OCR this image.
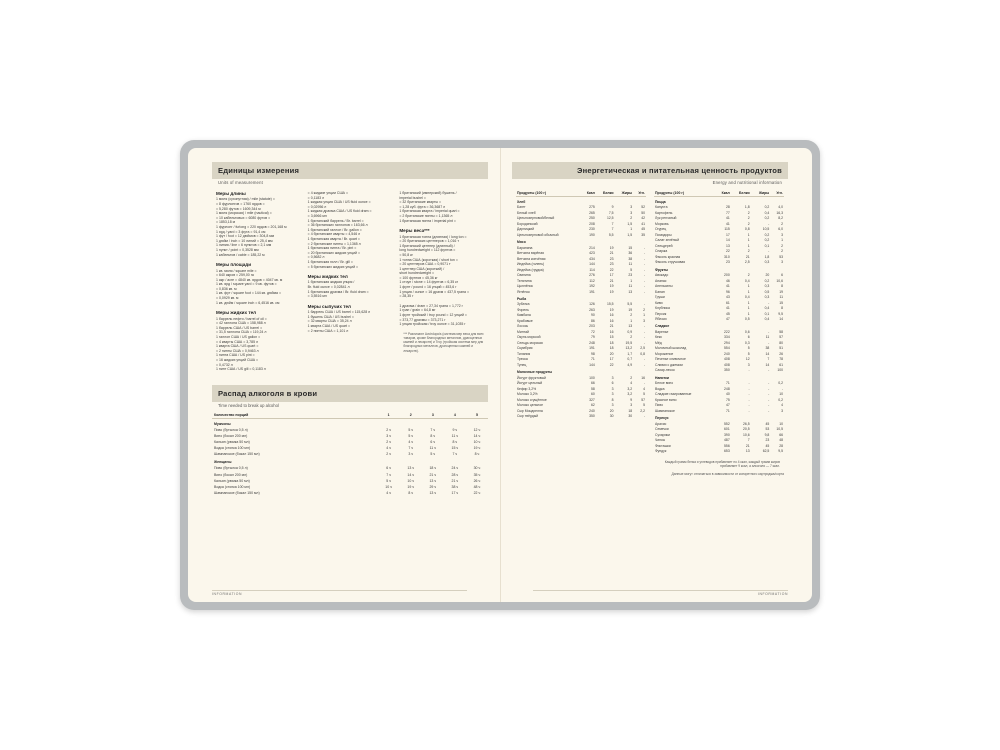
Единицы измерения
Units of measurement
Меры длины
1 миля (сухопутная) / mile (statute) =
= 8 фурлонгов = 1760 ярдов =
= 5,280 футов = 1609,344 м
1 миля (морская) / mile (nautical) =
= 10 кабельтовых = 6080 футов =
= 1853,18 м
1 фурлонг / furlong = 220 ярдов = 201,168 м
1 ярд / yard = 3 фута = 91,4 см
1 фут / foot = 12 дюймов = 304,8 мм
1 дюйм / inch = 10 линий = 25,4 мм
1 линия / line = 6 пунктов = 2,1 мм
1 пункт / point = 0,3528 мм
1 кабельтов / cable = 185,22 м
Меры площади
1 кв. миля / square mile =
= 640 акров = 259,00 га
1 акр / acre = 4840 кв. ярдов = 4047 кв. м
1 кв. ярд / square yard = 9 кв. футов =
= 0,836 кв. м
1 кв. фут / square foot = 144 кв. дюйма =
= 0,0929 кв. м
1 кв. дюйм / square inch = 6,4516 кв. см
Меры жидких тел
1 баррель нефти / barrel of oil =
= 42 галлона США = 158,988 л
1 баррель США / US barrel =
= 31,5 галлона США = 119,24 л
1 галлон США / US gallon =
= 4 кварты США = 3,785 л
1 кварта США / US quart =
= 2 пинты США = 0,9463 л
1 пинта США / US pint =
= 16 жидких унций США =
= 0,4732 л
1 пинт США / US gill = 0,1183 л
= 4 жидкие унции США =
= 0,1183 л
1 жидкая унция США / US fluid ounce =
= 0,02956 л
1 жидкая драхма США / US fluid dram =
= 3,6966 мл
1 британский баррель / Br. barrel =
= 36 британских галлонов = 163,66 л
1 британский галлон / Br. gallon =
= 4 британские кварты = 4,546 л
1 британская кварта / Br. quart =
= 2 британские пинты = 1,1365 л
1 британская пинта / Br. pint =
= 20 британских жидких унций =
= 0,5682 л
1 британская гилл / Br. gill =
= 5 британских жидких унций =
Меры жидких тел
1 британская жидкая унция /
Br. fluid ounce = 0,02841 л
1 британская драхма / Br. fluid dram =
= 3,5516 мл
Меры сыпучих тел
1 баррель США / US barrel = 115,628 л
1 бушель США / US bushel =
= 32 кварты США = 35,24 л
1 кварта США / US quart =
= 2 пинты США = 1,101 л
1 британский (имперский) бушель /
imperial bushel =
= 32 британские кварты =
= 1,28 куб. фута = 36,3687 л
1 британская кварта / imperial quart =
= 2 британские пинты = 1,1365 л
1 британская пинта / imperial pint =
Меры веса***
1 британская тонна (длинная) / long ton =
= 20 британских центнеров = 1,016 т
1 британский центнер (длинный) /
long hundredweight = 112 фунтов =
= 50,8 кг
1 тонна США (короткая) / short ton =
= 20 центнеров США = 0,9071 т
1 центнер США (короткий) /
short hundredweight =
= 100 фунтов = 45,36 кг
1 стоун / stone = 14 фунтов = 6,35 кг
1 фунт / pound = 16 унций = 453,6 г
1 унция / ounce = 16 драхм = 437,5 грана =
= 28,35 г
1 драхма / dram = 27,34 грана = 1,772 г
1 гран / grain = 64,8 мг
1 фунт тройский / troy pound = 12 унций =
= 373,77 драхмы = 373,271 г
1 унция тройская / troy ounce = 31,1035 г
*** Различают Avoirdupois (система мер веса для всех товаров, кроме благородных металлов, драгоценных камней и лекарств) и Troy (тройская система мер для благородных металлов, драгоценных камней и лекарств).
Распад алкоголя в крови
Time needed to break up alcohol
Количество порций	1	2	3	4	5
Мужчины					
Пиво (бутылка 0,5 л)	2 ч	5 ч	7 ч	9 ч	12 ч
Вино (бокал 200 мл)	3 ч	5 ч	8 ч	11 ч	14 ч
Кальян (рюмка 50 мл)	2 ч	4 ч	6 ч	8 ч	10 ч
Водка (стопка 100 мл)	4 ч	7 ч	11 ч	15 ч	19 ч
Шампанское (бокал 150 мл)	2 ч	3 ч	5 ч	7 ч	8 ч
Женщины					
Пиво (бутылка 0,5 л)	6 ч	13 ч	18 ч	24 ч	30 ч
Вино (бокал 200 мл)	7 ч	14 ч	21 ч	28 ч	35 ч
Кальян (рюмка 50 мл)	5 ч	10 ч	13 ч	21 ч	26 ч
Водка (стопка 100 мл)	10 ч	19 ч	29 ч	38 ч	48 ч
Шампанское (бокал 150 мл)	4 ч	8 ч	13 ч	17 ч	22 ч
INFORMATION
Энергетическая и питательная ценность продуктов
Energy and nutritional information
Продукты (100 г)	Ккал	Белки	Жиры	Угл.
Хлеб				
Багет	275	9	3	52
Белый хлеб	265	7,5	3	50
Цельнозерновой/белый	250	12,5	2	42
Бородинский	208	7	1,5	41
Дарницкий	230	7	1	45
Цельнозерновой обычный	190	5,5	1,5	35
Мясо				
Баранина	214	19	15	-
Ветчина варёная	423	21	36	-
Ветчина копчёная	434	23	38	-
Индейка (голень)	144	23	11	-
Индейка (грудка)	114	22	5	-
Свинина	276	17	23	-
Телятина	112	21	1	-
Цыплёнок	192	19	11	-
Ягнёнок	191	19	13	-
Рыба				
Зубатка	126	15,5	5,5	-
Форель	263	19	19	2
Камбала	90	16	2	1
Крабовые	86	16	1	3
Лосось	203	21	13	-
Минтай	72	16	0,9	-
Окунь морской	79	15	2	-
Сельдь морская	248	18	19,5	-
Скумбрия	191	18	13,2	2,5
Тилапия	98	20	1,7	0,8
Треска	71	17	0,7	-
Тунец	144	22	4,9	-
Молочные продукты				
Йогурт фруктовый	100	3	2	16
Йогурт цельный	66	6	4	-
Кефир 3,2%	58	3	3,2	4
Молоко 3,2%	60	3	3,2	5
Молоко сгущённое	327	8	9	57
Молоко цельное	62	3	3	5
Сыр Моцарелла	240	20	18	2,2
Сыр твёрдый	350	30	30	-
Продукты (100 г)	Ккал	Белки	Жиры	Угл.
Пицца				
Капуста	28	1,8	0,2	4,0
Картофель	77	2	0,4	16,3
Лук репчатый	41	2	0,2	8,2
Морковь	41	2	-	2
Огурец	115	0,8	10,5	6,0
Помидоры	17	1	0,2	3
Салат зелёный	14	1	0,2	1
Сельдерей	13	1	0,1	2
Спаржа	22	2	-	2
Фасоль красная	310	21	1,8	53
Фасоль стручковая	23	2,5	0,3	3
Фрукты				
Авокадо	200	2	20	6
Ананас	46	0,4	0,2	10,6
Апельсины	41	1	0,3	8
Банан	96	1	0,5	19
Груши	43	0,4	0,3	11
Киви	61	1	-	15
Клубника	41	1	0,4	8
Персик	45	1	0,1	9,5
Яблоки	47	0,5	0,4	14
Сладкое				
Варенье	222	0,6	-	58
Кекс	334	6	11	57
Мёд	294	0,3	-	80
Молочный шоколад	554	5	38	51
Мороженое	240	5	14	26
Печенье сливочное	408	12	7	78
Сливки с джемом	408	3	14	61
Сахар-песок	350	-	-	100
Напитки				
Белое вино	71	-	-	0,2
Водка	248	-	-	-
Сладкие газированные	40	-	-	10
Красное вино	75	-	-	0,2
Пиво	47	-	-	4
Шампанское	71	-	-	3
Перекус				
Арахис	552	26,5	45	10
Семечки	601	20,5	53	10,5
Сухарики	390	10,6	9,8	66
Чипсы	487	7	23	48
Фисташки	556	21	45	28
Фундук	653	13	62,5	9,5
Каждый грамм белка и углеводов прибавляет по 4 ккал, каждый грамм жиров прибавляет 9 ккал, а алкоголя — 7 ккал.
Данные могут отличаться в зависимости от конкретного картриджа/сорта
INFORMATION
